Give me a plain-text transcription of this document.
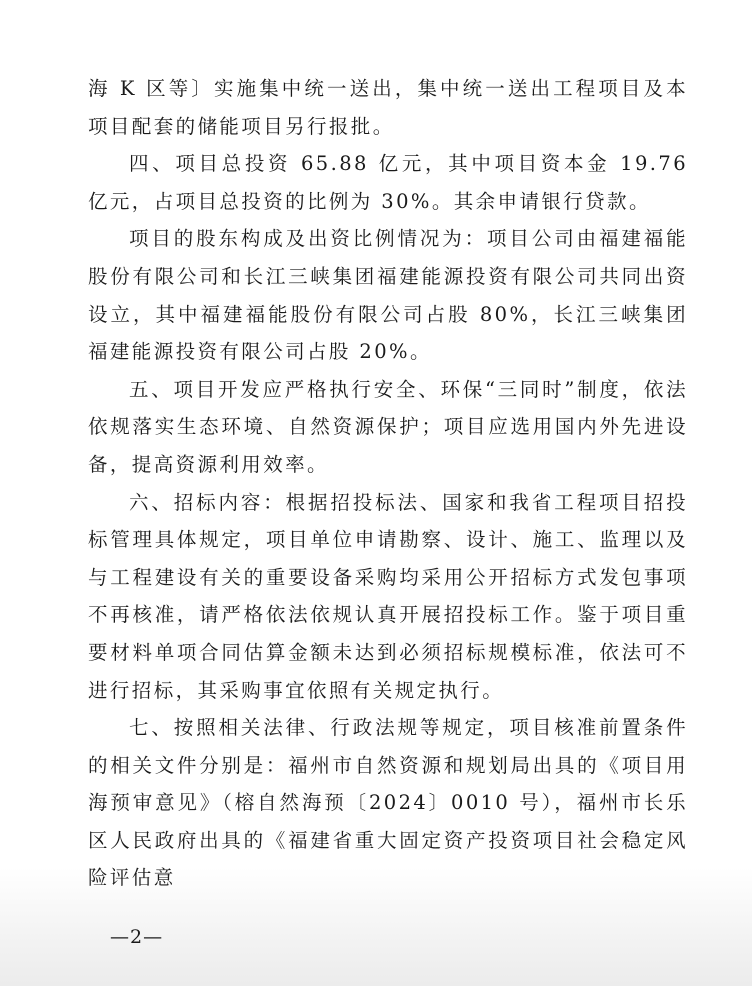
海 K 区等〕实施集中统一送出，集中统一送出工程项目及本项目配套的储能项目另行报批。

四、项目总投资 65.88 亿元，其中项目资本金 19.76 亿元，占项目总投资的比例为 30%。其余申请银行贷款。

项目的股东构成及出资比例情况为：项目公司由福建福能股份有限公司和长江三峡集团福建能源投资有限公司共同出资设立，其中福建福能股份有限公司占股 80%，长江三峡集团福建能源投资有限公司占股 20%。

五、项目开发应严格执行安全、环保“三同时”制度，依法依规落实生态环境、自然资源保护；项目应选用国内外先进设备，提高资源利用效率。

六、招标内容：根据招投标法、国家和我省工程项目招投标管理具体规定，项目单位申请勘察、设计、施工、监理以及与工程建设有关的重要设备采购均采用公开招标方式发包事项不再核准，请严格依法依规认真开展招投标工作。鉴于项目重要材料单项合同估算金额未达到必须招标规模标准，依法可不进行招标，其采购事宜依照有关规定执行。

七、按照相关法律、行政法规等规定，项目核准前置条件的相关文件分别是：福州市自然资源和规划局出具的《项目用海预审意见》（榕自然海预〔2024〕0010 号），福州市长乐区人民政府出具的《福建省重大固定资产投资项目社会稳定风险评估意

—2—
